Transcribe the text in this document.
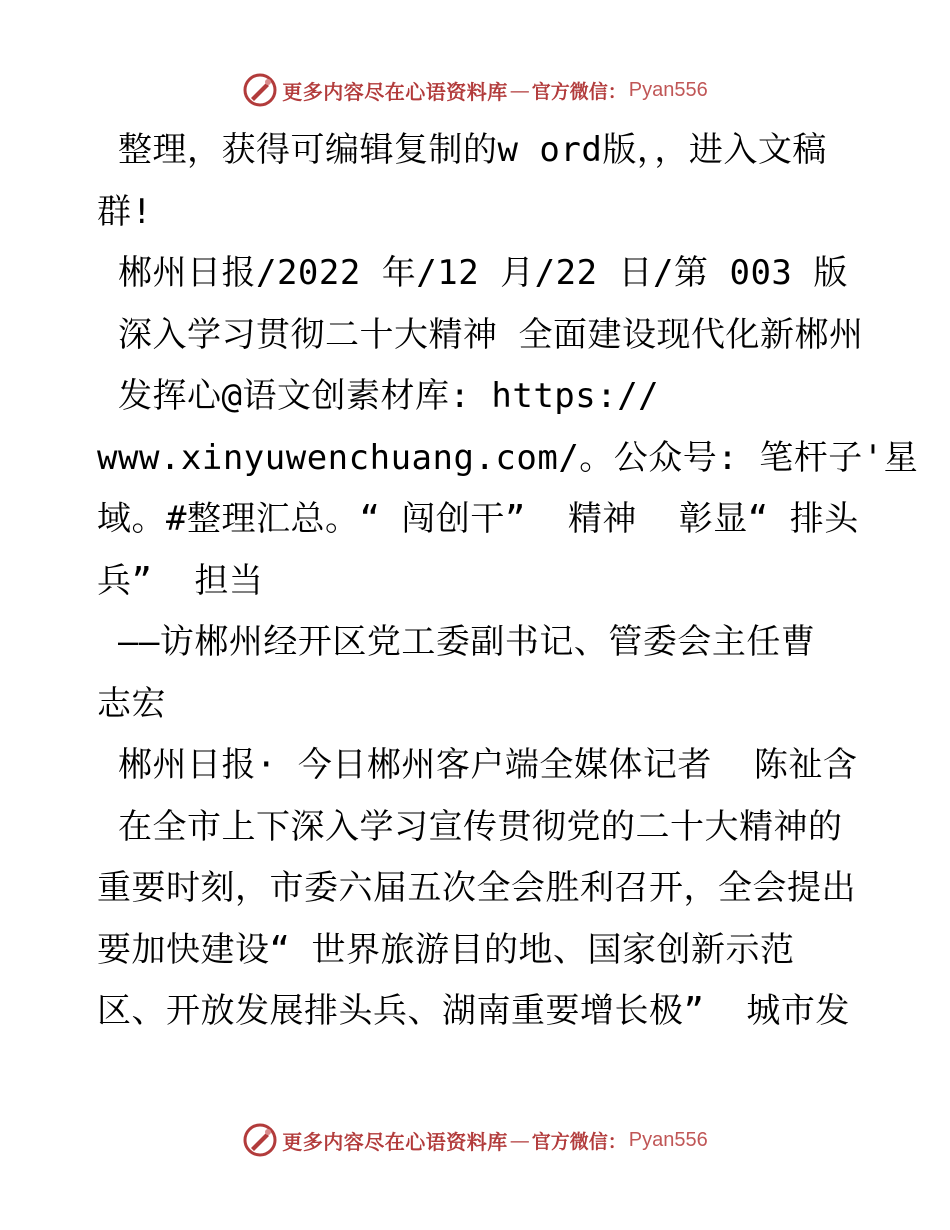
更多内容尽在心语资料库 — 官方微信： Pyan556
整理，获得可编辑复制的w ord版，，进入文稿
群!
郴州日报/2022 年/12 月/22 日/第 003 版
深入学习贯彻二十大精神 全面建设现代化新郴州
发挥心@语文创素材库: https://
www.xinyuwenchuang.com/。公众号: 笔杆子'星
域。#整理汇总。“ 闯创干”  精神  彰显“ 排头
兵”  担当
——访郴州经开区党工委副书记、管委会主任曹
志宏
郴州日报· 今日郴州客户端全媒体记者  陈祉含
在全市上下深入学习宣传贯彻党的二十大精神的
重要时刻，市委六届五次全会胜利召开，全会提出
要加快建设“ 世界旅游目的地、国家创新示范
区、开放发展排头兵、湖南重要增长极”  城市发
更多内容尽在心语资料库 — 官方微信： Pyan556
